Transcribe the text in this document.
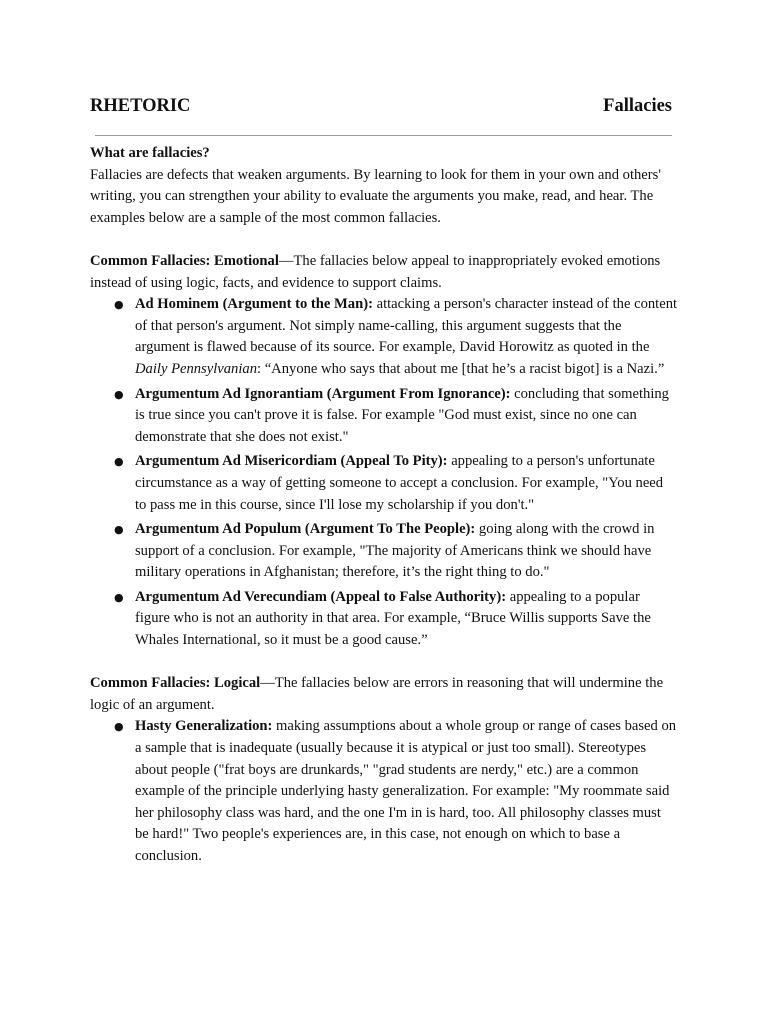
RHETORIC	Fallacies

What are fallacies?

Fallacies are defects that weaken arguments. By learning to look for them in your own and others' writing, you can strengthen your ability to evaluate the arguments you make, read, and hear. The examples below are a sample of the most common fallacies.

Common Fallacies: Emotional—The fallacies below appeal to inappropriately evoked emotions instead of using logic, facts, and evidence to support claims.

● Ad Hominem (Argument to the Man): attacking a person's character instead of the content of that person's argument. Not simply name-calling, this argument suggests that the argument is flawed because of its source. For example, David Horowitz as quoted in the Daily Pennsylvanian: “Anyone who says that about me [that he’s a racist bigot] is a Nazi.”
● Argumentum Ad Ignorantiam (Argument From Ignorance): concluding that something is true since you can't prove it is false. For example "God must exist, since no one can demonstrate that she does not exist."
● Argumentum Ad Misericordiam (Appeal To Pity): appealing to a person's unfortunate circumstance as a way of getting someone to accept a conclusion. For example, "You need to pass me in this course, since I'll lose my scholarship if you don't."
● Argumentum Ad Populum (Argument To The People): going along with the crowd in support of a conclusion. For example, "The majority of Americans think we should have military operations in Afghanistan; therefore, it’s the right thing to do."
● Argumentum Ad Verecundiam (Appeal to False Authority): appealing to a popular figure who is not an authority in that area. For example, “Bruce Willis supports Save the Whales International, so it must be a good cause.”

Common Fallacies: Logical—The fallacies below are errors in reasoning that will undermine the logic of an argument.

● Hasty Generalization: making assumptions about a whole group or range of cases based on a sample that is inadequate (usually because it is atypical or just too small). Stereotypes about people ("frat boys are drunkards," "grad students are nerdy," etc.) are a common example of the principle underlying hasty generalization. For example: "My roommate said her philosophy class was hard, and the one I'm in is hard, too. All philosophy classes must be hard!" Two people's experiences are, in this case, not enough on which to base a conclusion.
